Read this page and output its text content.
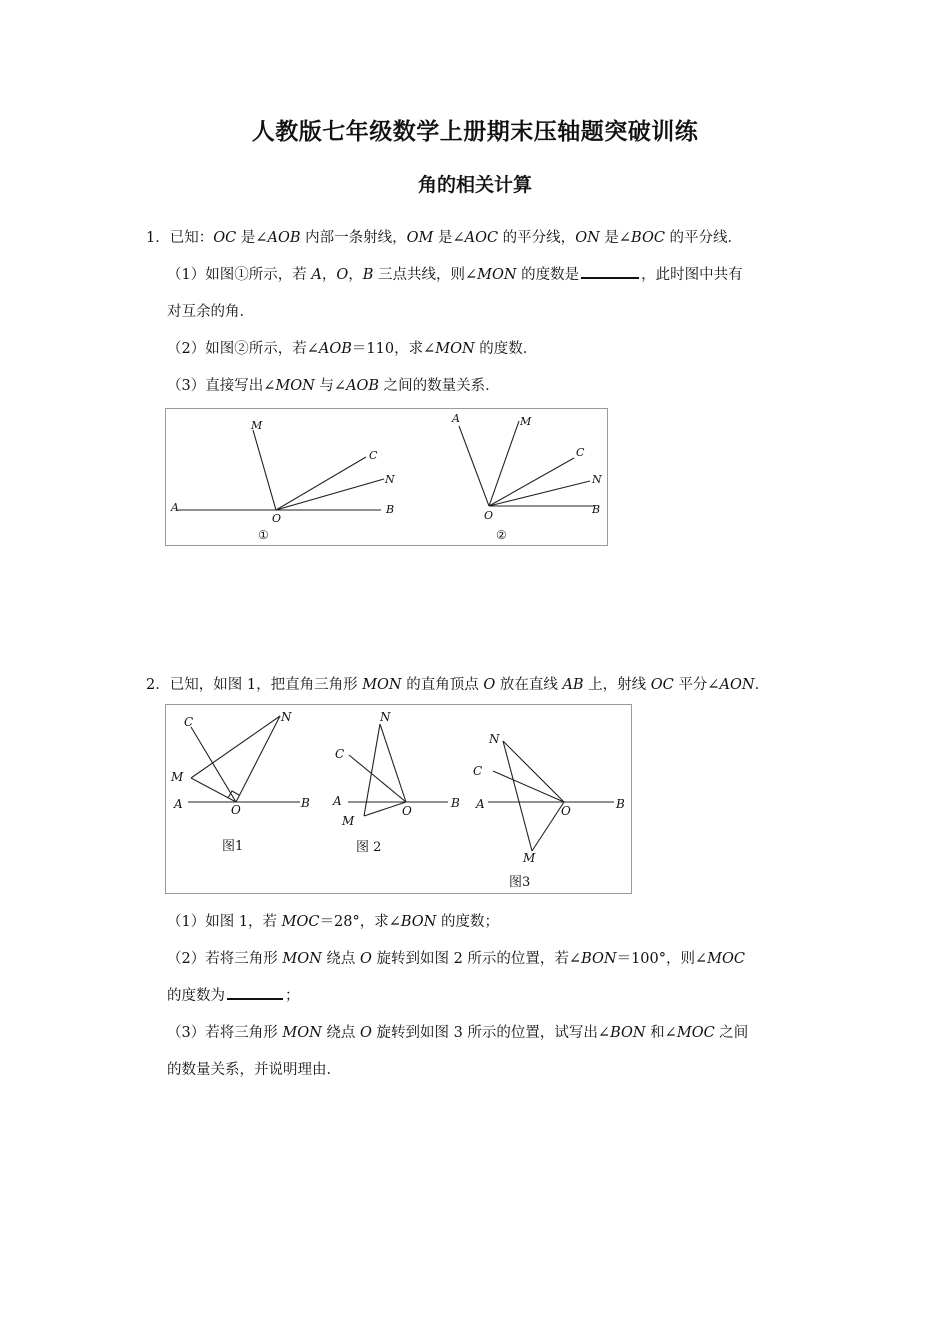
人教版七年级数学上册期末压轴题突破训练
角的相关计算
1．已知：OC 是∠AOB 内部一条射线，OM 是∠AOC 的平分线，ON 是∠BOC 的平分线．
（1）如图①所示，若 A，O，B 三点共线，则∠MON 的度数是	，此时图中共有
对互余的角．
（2）如图②所示，若∠AOB＝110，求∠MON 的度数．
（3）直接写出∠MON 与∠AOB 之间的数量关系．
A
O
B
M
C
N
①
A
O	B
M
C
N
②
2．已知，如图 1，把直角三角形 MON 的直角顶点 O 放在直线 AB 上，射线 OC 平分∠AON．
C	N
M
A	O	B
图1
N
C
A
O
B
M
图 2
N
C
A	O	B
M
图3
（1）如图 1，若 MOC＝28°，求∠BON 的度数；
（2）若将三角形 MON 绕点 O 旋转到如图 2 所示的位置，若∠BON＝100°，则∠MOC
的度数为	；
（3）若将三角形 MON 绕点 O 旋转到如图 3 所示的位置，试写出∠BON 和∠MOC 之间
的数量关系，并说明理由．
